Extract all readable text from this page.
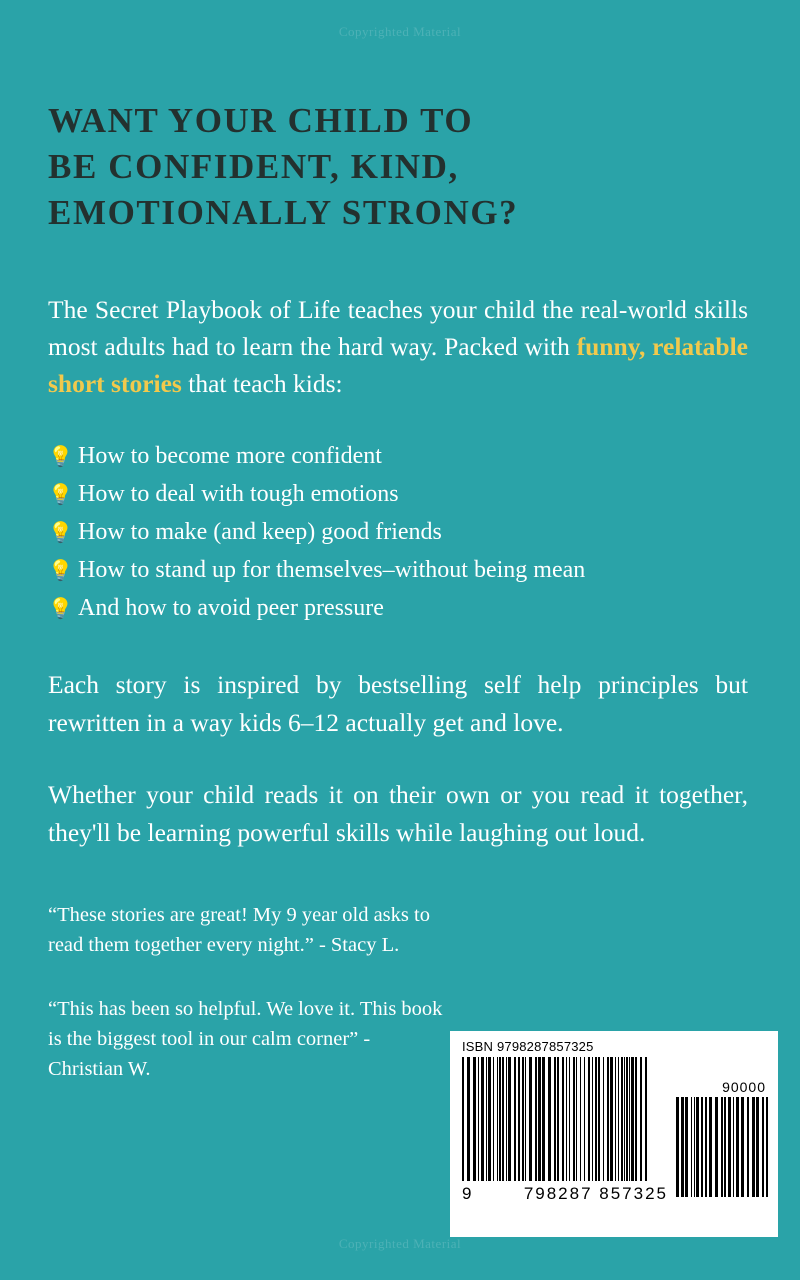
Copyrighted Material
Copyrighted Material
WANT YOUR CHILD TO
BE CONFIDENT, KIND,
EMOTIONALLY STRONG?

The Secret Playbook of Life teaches your child the real-world skills most adults had to learn the hard way. Packed with funny, relatable short stories that teach kids:

💡 How to become more confident
💡 How to deal with tough emotions
💡 How to make (and keep) good friends
💡 How to stand up for themselves–without being mean
💡 And how to avoid peer pressure

Each story is inspired by bestselling self help principles but rewritten in a way kids 6–12 actually get and love.

Whether your child reads it on their own or you read it together, they'll be learning powerful skills while laughing out loud.

“These stories are great! My 9 year old asks to read them together every night.” - Stacy L.

“This has been so helpful. We love it. This book is the biggest tool in our calm corner” - Christian W.

ISBN 9798287857325
9	798287 857325
90000
